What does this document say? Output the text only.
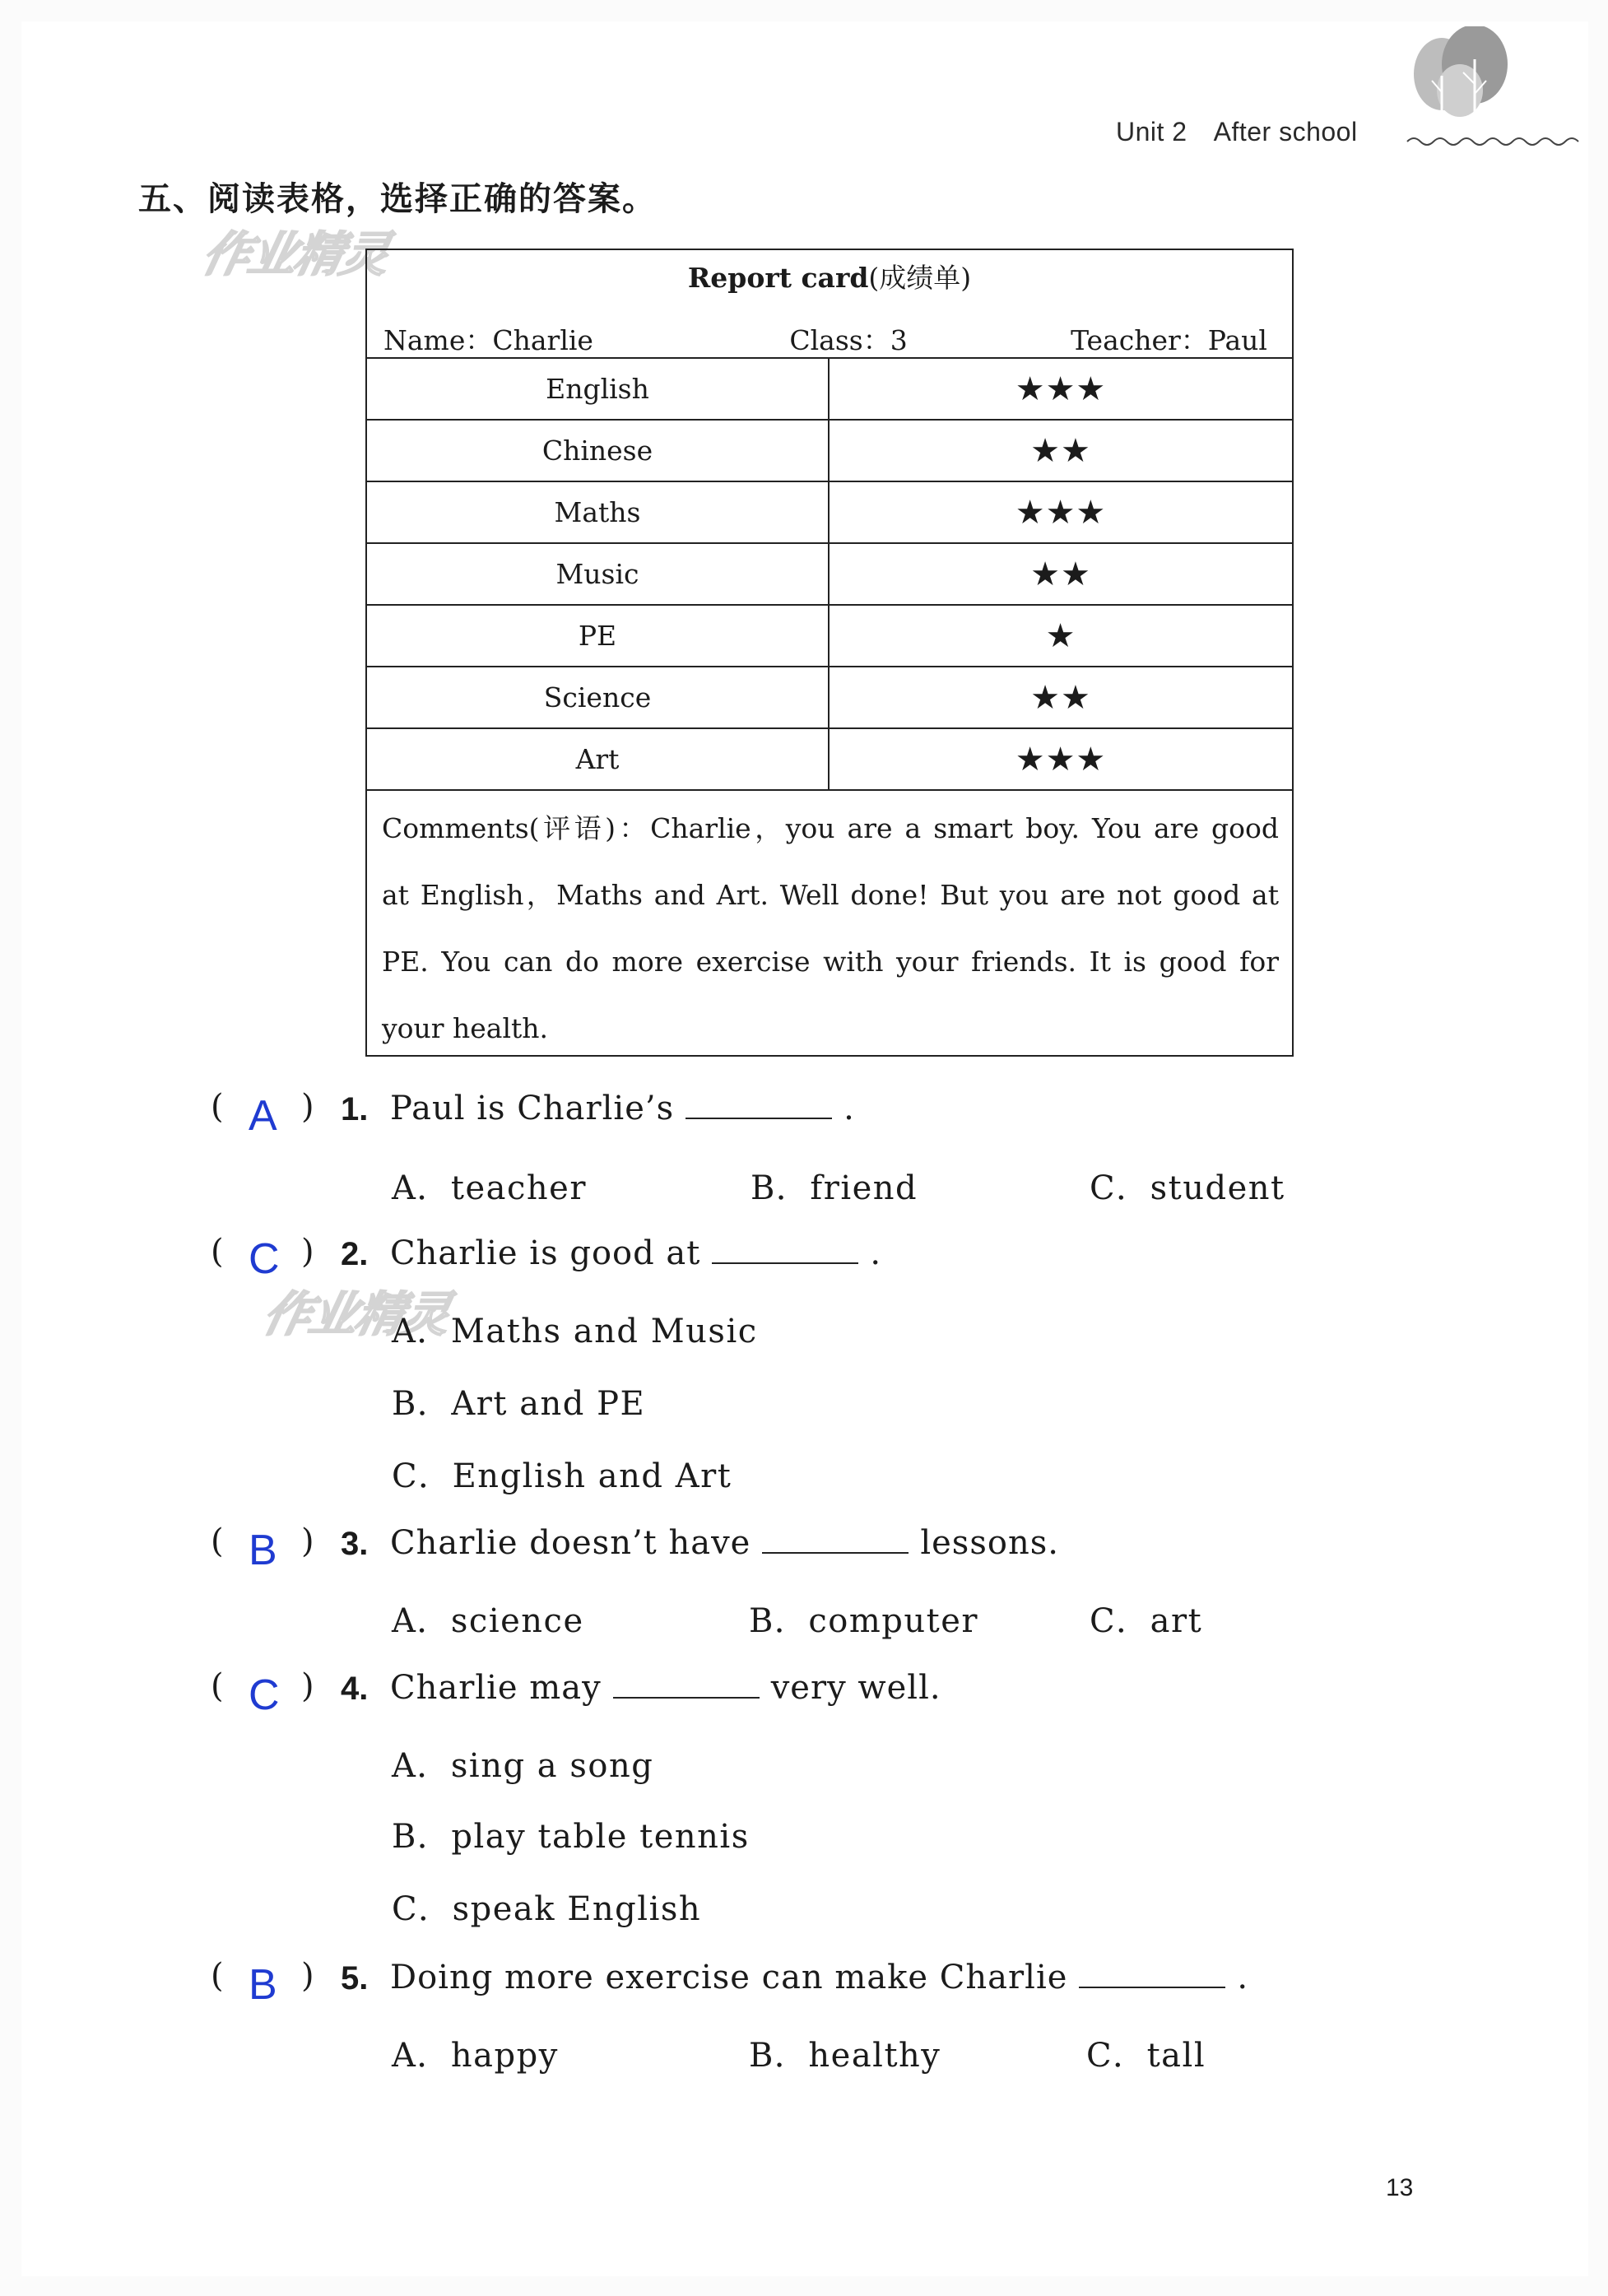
Unit 2 After school
五、阅读表格，选择正确的答案。
作业精灵
作业精灵
Report card(成绩单)
Name：Charlie	Class：3	Teacher：Paul
English	★★★
Chinese	★★
Maths	★★★
Music	★★
PE	★
Science	★★
Art	★★★
Comments(评语)：Charlie，you are a smart boy. You are good
at English，Maths and Art. Well done! But you are not good at
PE. You can do more exercise with your friends. It is good for
your health.
( A ) 1. Paul is Charlie’s	.
A．teacher	B．friend	C．student
( C ) 2. Charlie is good at	.
A．Maths and Music
B．Art and PE
C．English and Art
( B ) 3. Charlie doesn’t have	lessons.
A．science	B．computer	C．art
( C ) 4. Charlie may	very well.
A．sing a song
B．play table tennis
C．speak English
( B ) 5. Doing more exercise can make Charlie	.
A．happy	B．healthy	C．tall
13
